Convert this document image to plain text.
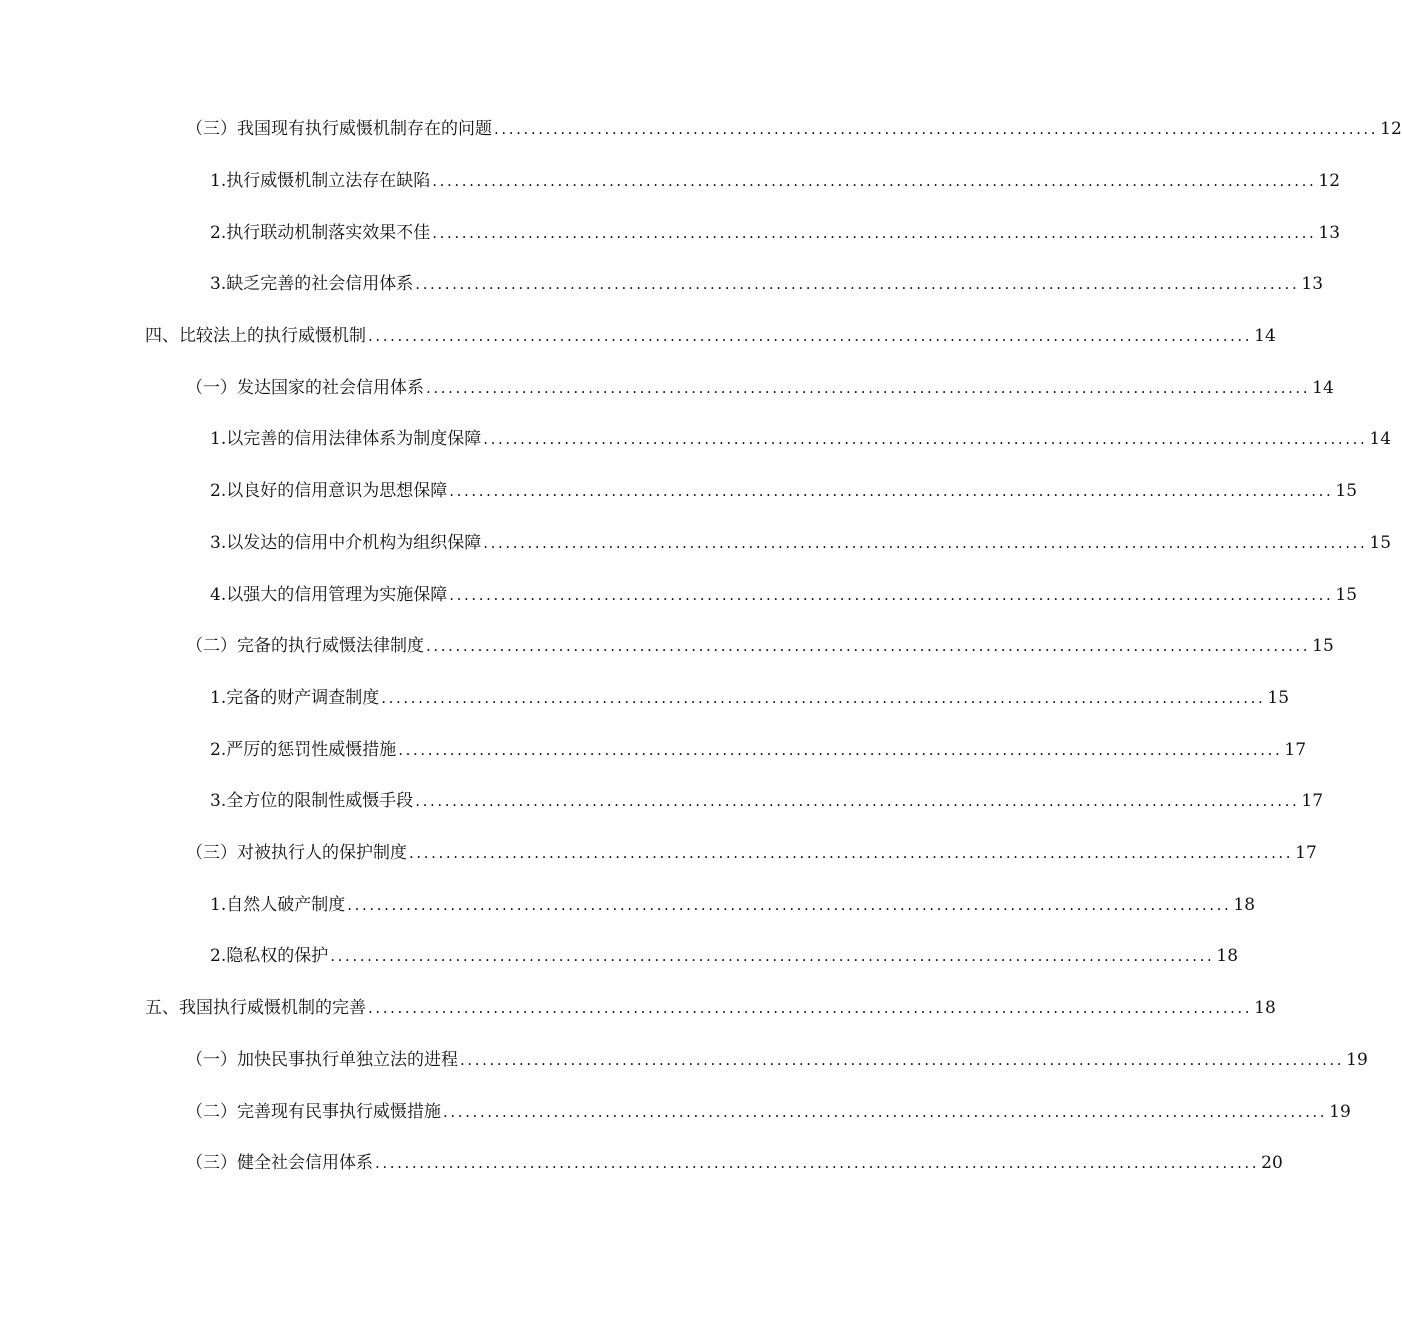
（三）我国现有执行威慑机制存在的问题 ........................................................................................................................ 12
1.执行威慑机制立法存在缺陷 ........................................................................................................................ 12
2.执行联动机制落实效果不佳 ........................................................................................................................ 13
3.缺乏完善的社会信用体系 ........................................................................................................................ 13
四、比较法上的执行威慑机制 ........................................................................................................................ 14
（一）发达国家的社会信用体系 ........................................................................................................................ 14
1.以完善的信用法律体系为制度保障 ........................................................................................................................ 14
2.以良好的信用意识为思想保障 ........................................................................................................................ 15
3.以发达的信用中介机构为组织保障 ........................................................................................................................ 15
4.以强大的信用管理为实施保障 ........................................................................................................................ 15
（二）完备的执行威慑法律制度 ........................................................................................................................ 15
1.完备的财产调查制度 ........................................................................................................................ 15
2.严厉的惩罚性威慑措施 ........................................................................................................................ 17
3.全方位的限制性威慑手段 ........................................................................................................................ 17
（三）对被执行人的保护制度 ........................................................................................................................ 17
1.自然人破产制度 ........................................................................................................................ 18
2.隐私权的保护 ........................................................................................................................ 18
五、我国执行威慑机制的完善 ........................................................................................................................ 18
（一）加快民事执行单独立法的进程 ........................................................................................................................ 19
（二）完善现有民事执行威慑措施 ........................................................................................................................ 19
（三）健全社会信用体系 ........................................................................................................................ 20
